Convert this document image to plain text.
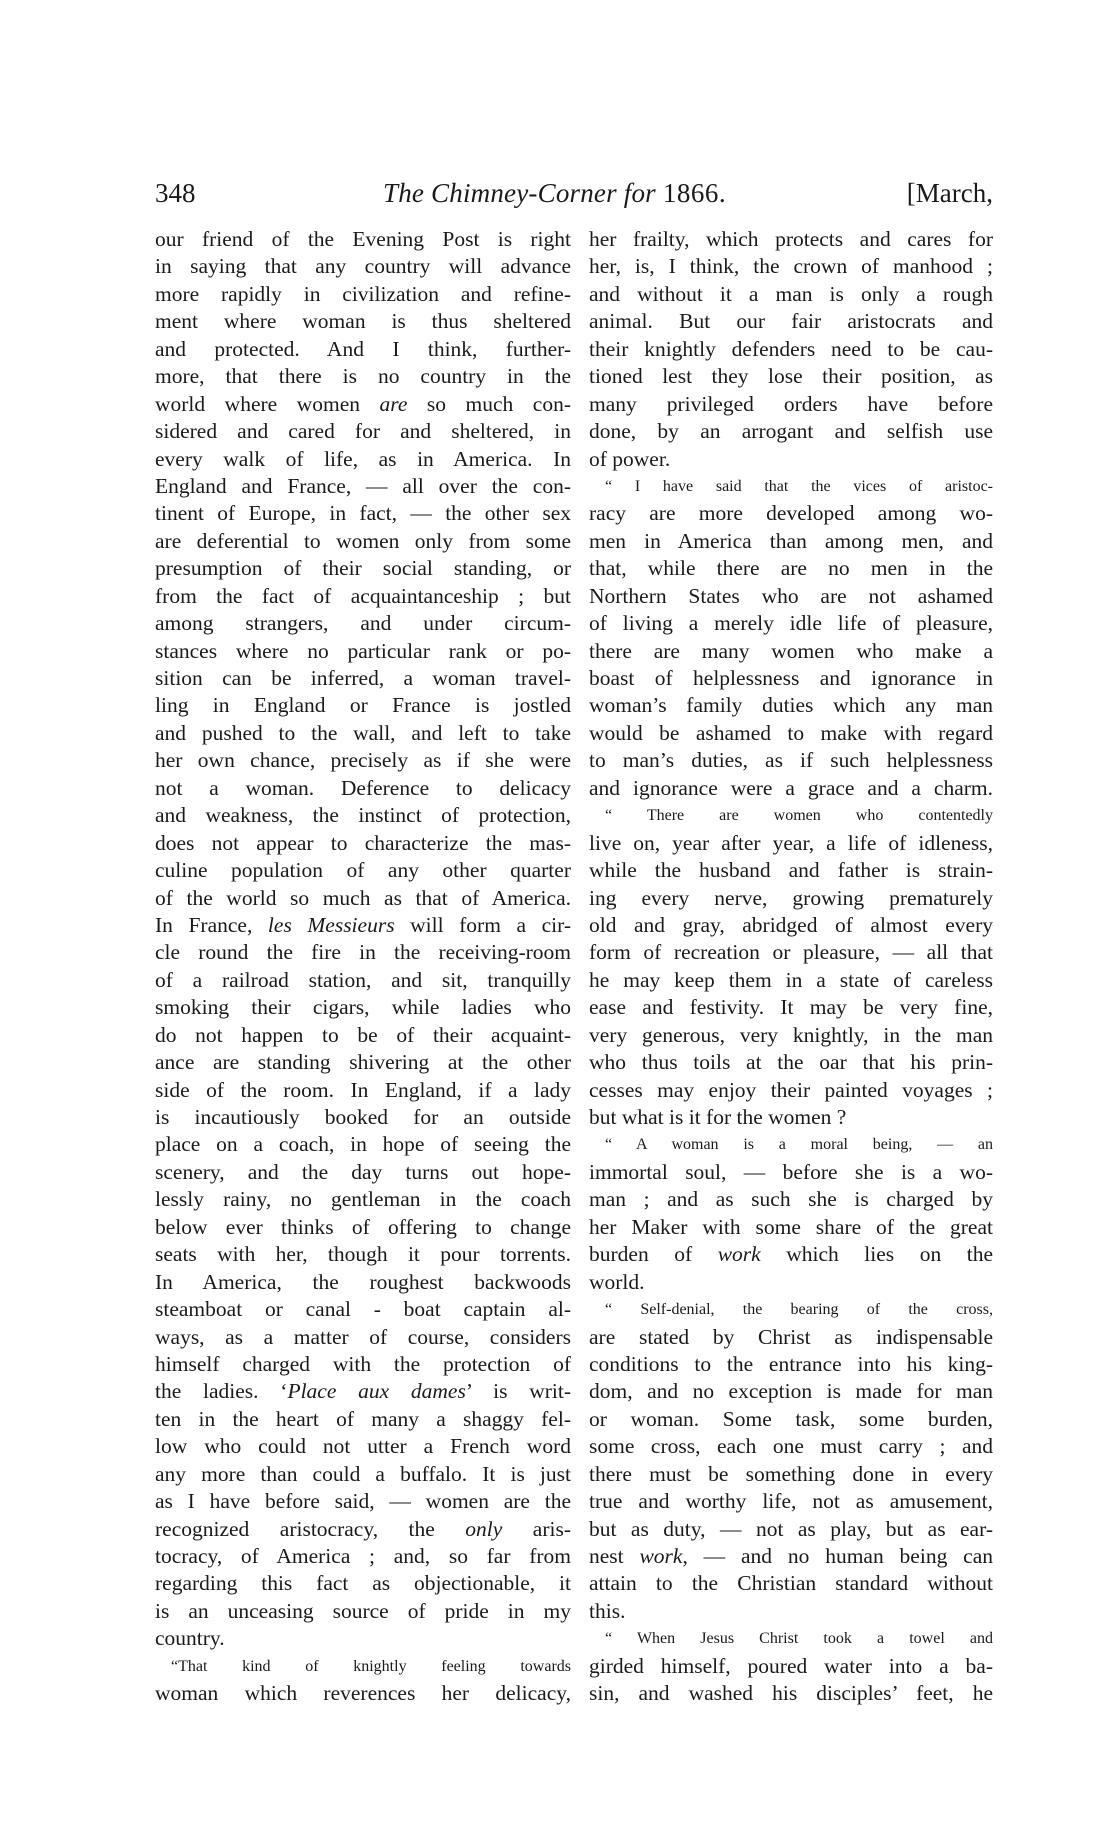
348	The Chimney-Corner for 1866.	[March,
our friend of the Evening Post is right
in saying that any country will advance
more rapidly in civilization and refine-
ment where woman is thus sheltered
and protected. And I think, further-
more, that there is no country in the
world where women are so much con-
sidered and cared for and sheltered, in
every walk of life, as in America. In
England and France, — all over the con-
tinent of Europe, in fact, — the other sex
are deferential to women only from some
presumption of their social standing, or
from the fact of acquaintanceship ; but
among strangers, and under circum-
stances where no particular rank or po-
sition can be inferred, a woman travel-
ling in England or France is jostled
and pushed to the wall, and left to take
her own chance, precisely as if she were
not a woman. Deference to delicacy
and weakness, the instinct of protection,
does not appear to characterize the mas-
culine population of any other quarter
of the world so much as that of America.
In France, les Messieurs will form a cir-
cle round the fire in the receiving-room
of a railroad station, and sit, tranquilly
smoking their cigars, while ladies who
do not happen to be of their acquaint-
ance are standing shivering at the other
side of the room. In England, if a lady
is incautiously booked for an outside
place on a coach, in hope of seeing the
scenery, and the day turns out hope-
lessly rainy, no gentleman in the coach
below ever thinks of offering to change
seats with her, though it pour torrents.
In America, the roughest backwoods
steamboat or canal - boat captain al-
ways, as a matter of course, considers
himself charged with the protection of
the ladies. ‘Place aux dames’ is writ-
ten in the heart of many a shaggy fel-
low who could not utter a French word
any more than could a buffalo. It is just
as I have before said, — women are the
recognized aristocracy, the only aris-
tocracy, of America ; and, so far from
regarding this fact as objectionable, it
is an unceasing source of pride in my
country.
“That kind of knightly feeling towards
woman which reverences her delicacy,
her frailty, which protects and cares for
her, is, I think, the crown of manhood ;
and without it a man is only a rough
animal. But our fair aristocrats and
their knightly defenders need to be cau-
tioned lest they lose their position, as
many privileged orders have before
done, by an arrogant and selfish use
of power.
“ I have said that the vices of aristoc-
racy are more developed among wo-
men in America than among men, and
that, while there are no men in the
Northern States who are not ashamed
of living a merely idle life of pleasure,
there are many women who make a
boast of helplessness and ignorance in
woman’s family duties which any man
would be ashamed to make with regard
to man’s duties, as if such helplessness
and ignorance were a grace and a charm.
“ There are women who contentedly
live on, year after year, a life of idleness,
while the husband and father is strain-
ing every nerve, growing prematurely
old and gray, abridged of almost every
form of recreation or pleasure, — all that
he may keep them in a state of careless
ease and festivity. It may be very fine,
very generous, very knightly, in the man
who thus toils at the oar that his prin-
cesses may enjoy their painted voyages ;
but what is it for the women ?
“ A woman is a moral being, — an
immortal soul, — before she is a wo-
man ; and as such she is charged by
her Maker with some share of the great
burden of work which lies on the
world.
“ Self-denial, the bearing of the cross,
are stated by Christ as indispensable
conditions to the entrance into his king-
dom, and no exception is made for man
or woman. Some task, some burden,
some cross, each one must carry ; and
there must be something done in every
true and worthy life, not as amusement,
but as duty, — not as play, but as ear-
nest work, — and no human being can
attain to the Christian standard without
this.
“ When Jesus Christ took a towel and
girded himself, poured water into a ba-
sin, and washed his disciples’ feet, he
